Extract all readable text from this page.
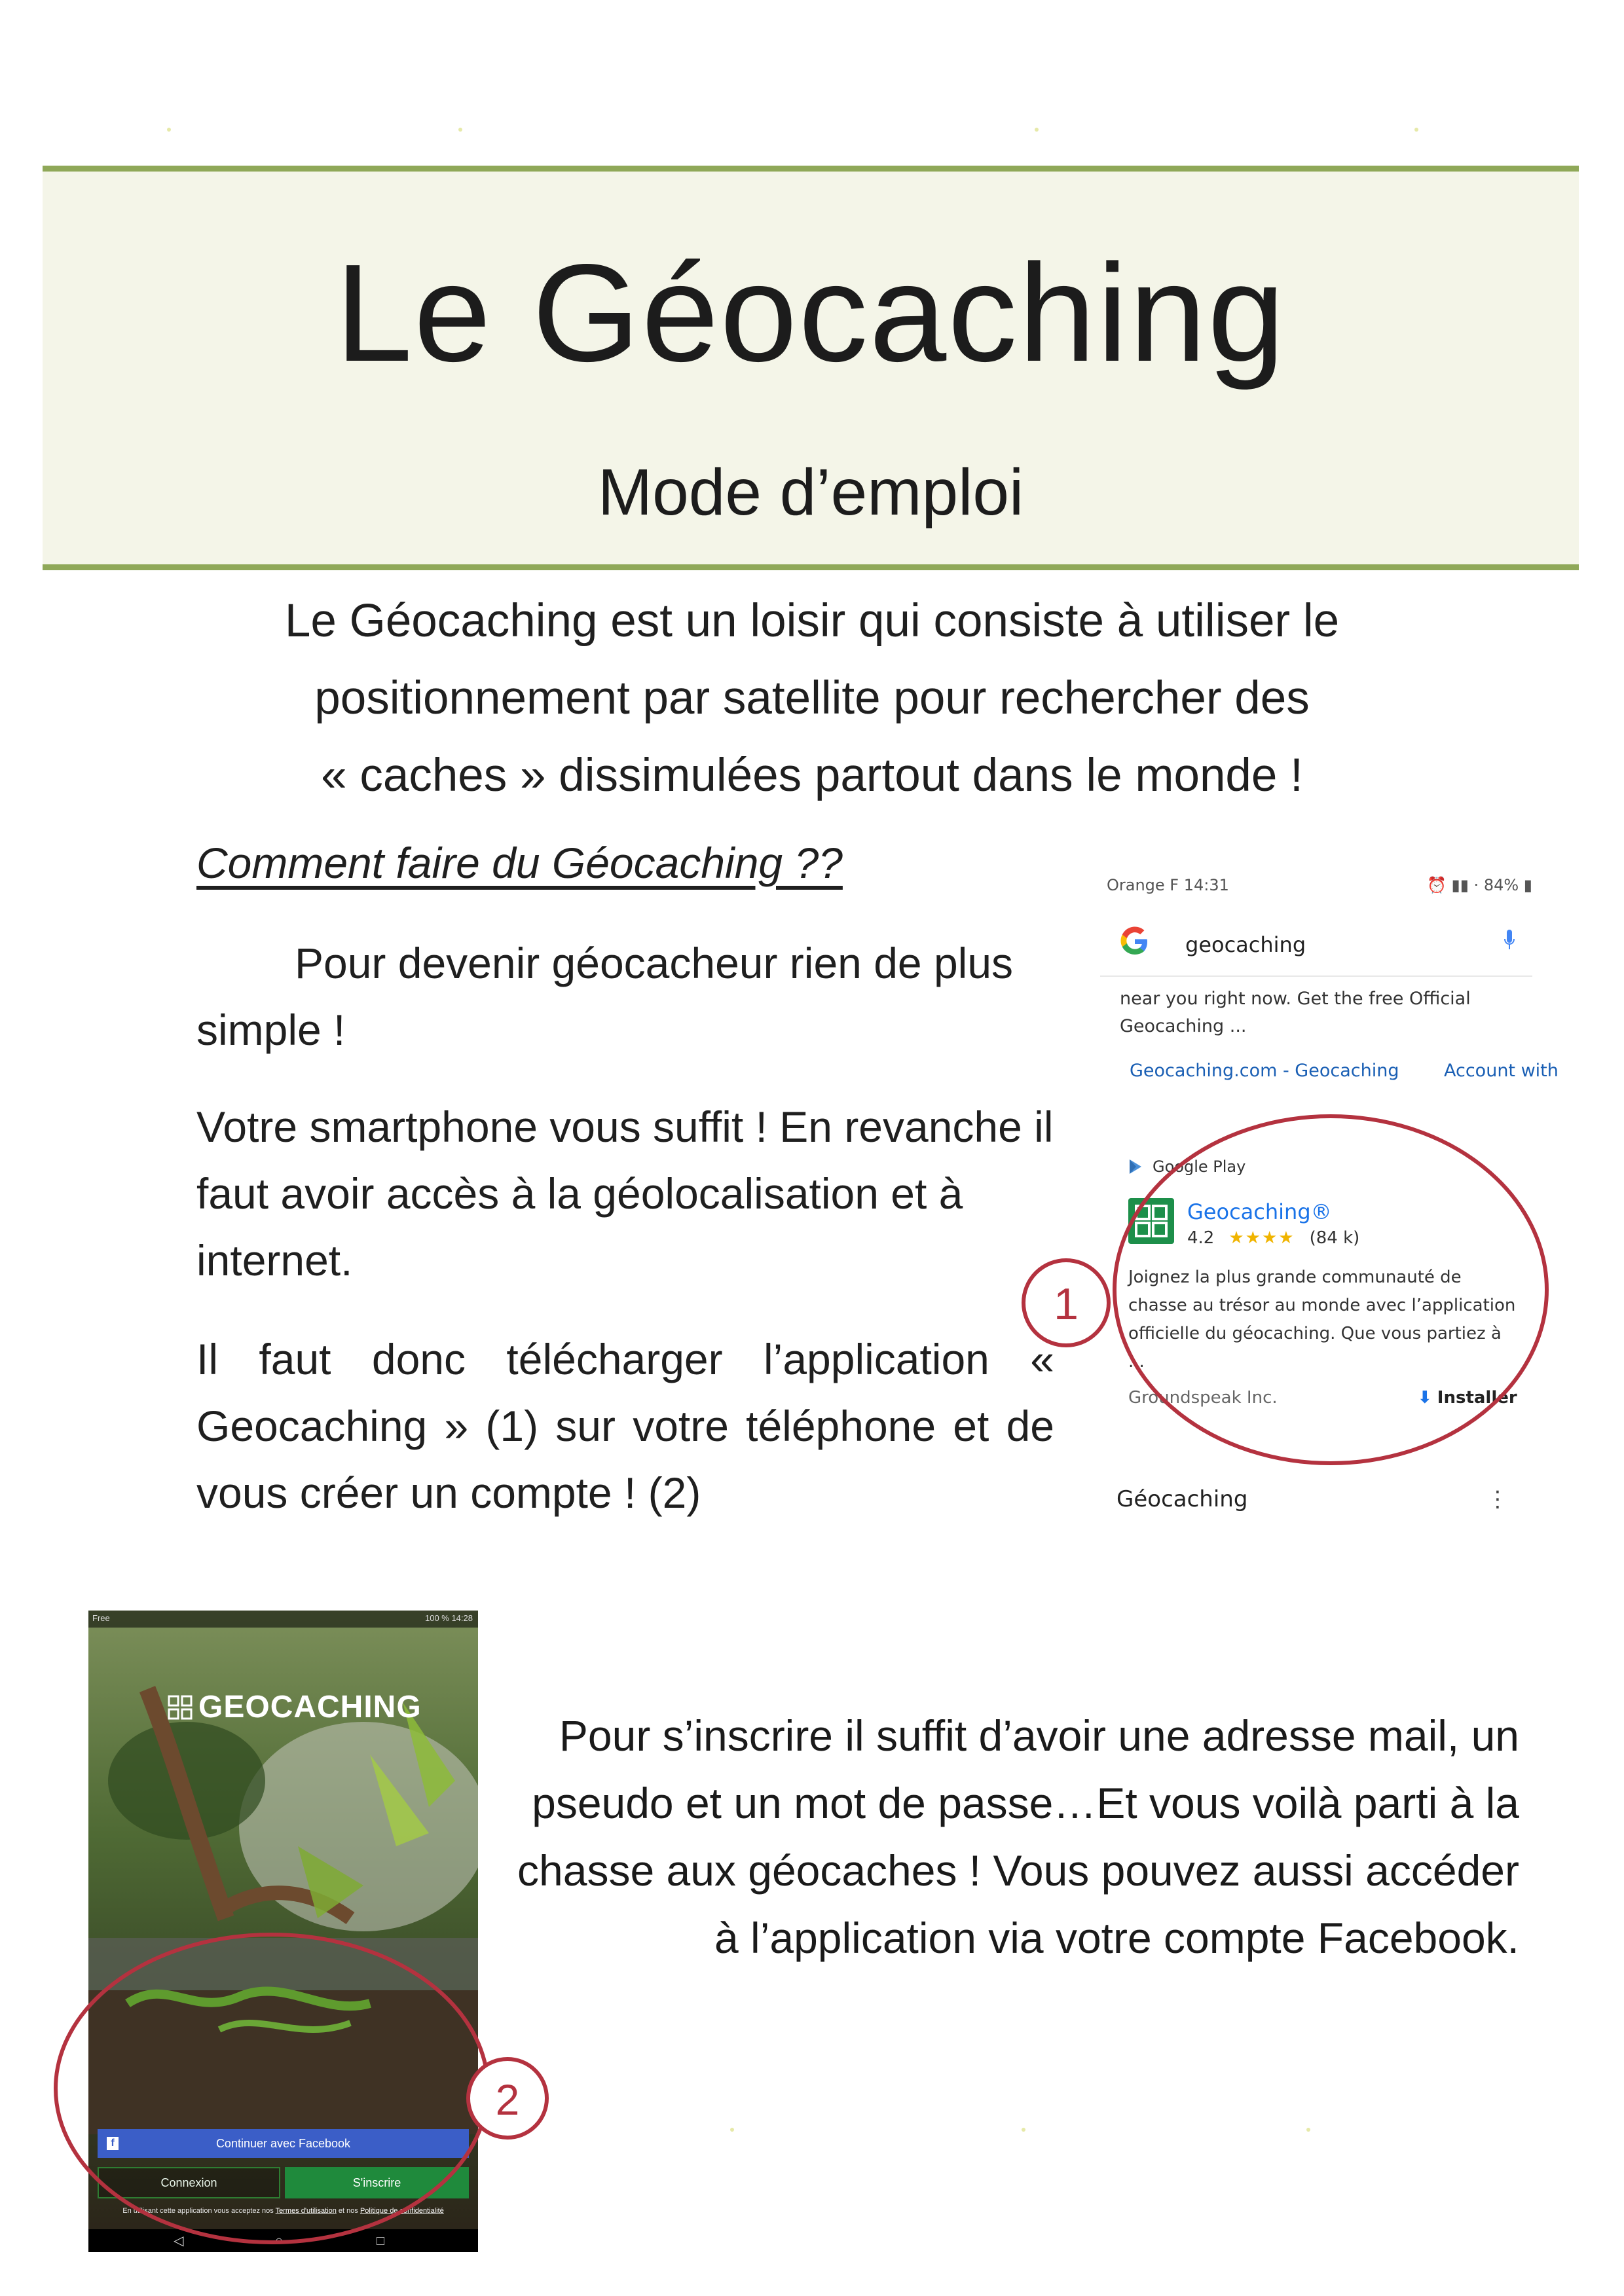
Le Géocaching
Mode d’emploi
Le Géocaching est un loisir qui consiste à utiliser le
positionnement par satellite pour rechercher des
« caches » dissimulées partout dans le monde !
Comment faire du Géocaching ??
Pour devenir géocacheur rien de plus
simple !
Votre smartphone vous suffit ! En revanche il faut avoir accès à la géolocalisation et à internet.
Il faut donc télécharger l’application « Geocaching » (1) sur votre téléphone et de vous créer un compte ! (2)
Pour s’inscrire il suffit d’avoir une adresse mail, un
pseudo et un mot de passe…Et vous voilà parti à la
chasse aux géocaches ! Vous pouvez aussi accéder
à l’application via votre compte Facebook.
Orange F 14:31	⏰ ▮▮ · 84% ▮
geocaching
near you right now. Get the free Official
Geocaching ...
Geocaching.com - Geocaching	Account with
Google Play
Geocaching®
4.2 ★★★★ (84 k)
Joignez la plus grande communauté de chasse au trésor au monde avec l’application officielle du géocaching. Que vous partiez à ...
Groundspeak Inc.	⬇ Installer
Géocaching	⋮
1
Free	100 % 14:28
GEOCACHING
f	Continuer avec Facebook
Connexion	S'inscrire
En utilisant cette application vous acceptez nos Termes d'utilisation et nos Politique de confidentialité
◁	○	□
2
